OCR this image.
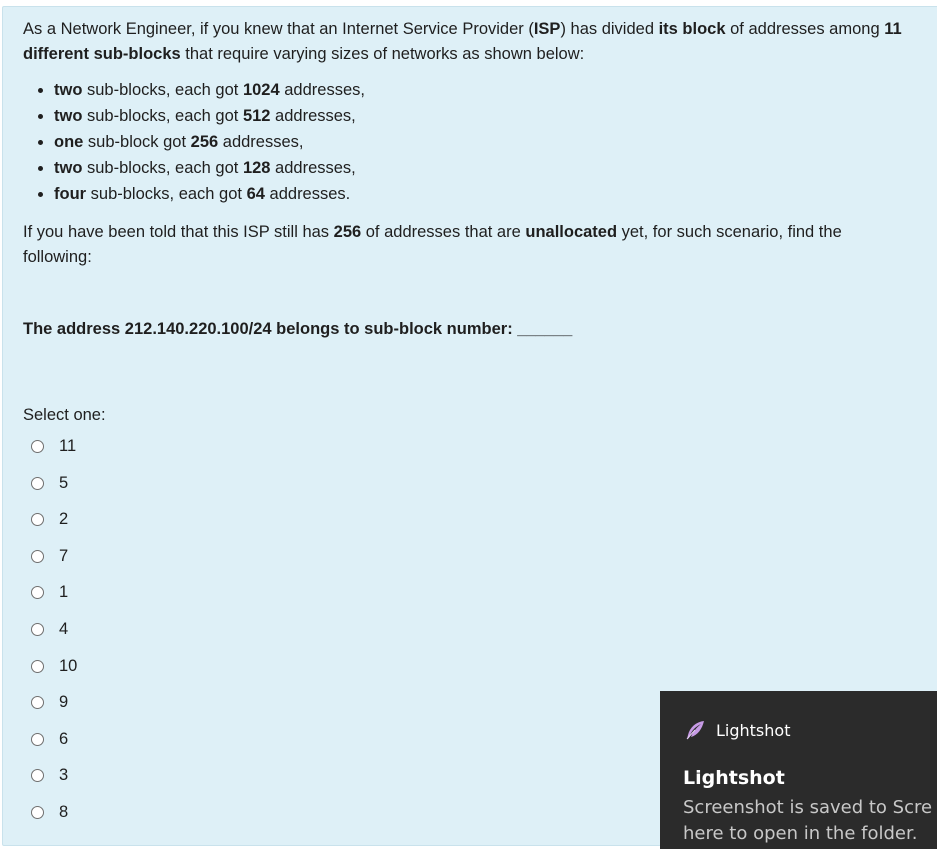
As a Network Engineer, if you knew that an Internet Service Provider (ISP) has divided its block of addresses among 11 different sub-blocks that require varying sizes of networks as shown below:

• two sub-blocks, each got 1024 addresses,
• two sub-blocks, each got 512 addresses,
• one sub-block got 256 addresses,
• two sub-blocks, each got 128 addresses,
• four sub-blocks, each got 64 addresses.

If you have been told that this ISP still has 256 of addresses that are unallocated yet, for such scenario, find the following:

The address 212.140.220.100/24 belongs to sub-block number: ______

Select one:

11
5
2
7
1
4
10
9
6
3
8
Lightshot
Lightshot
Screenshot is saved to Scre
here to open in the folder.
